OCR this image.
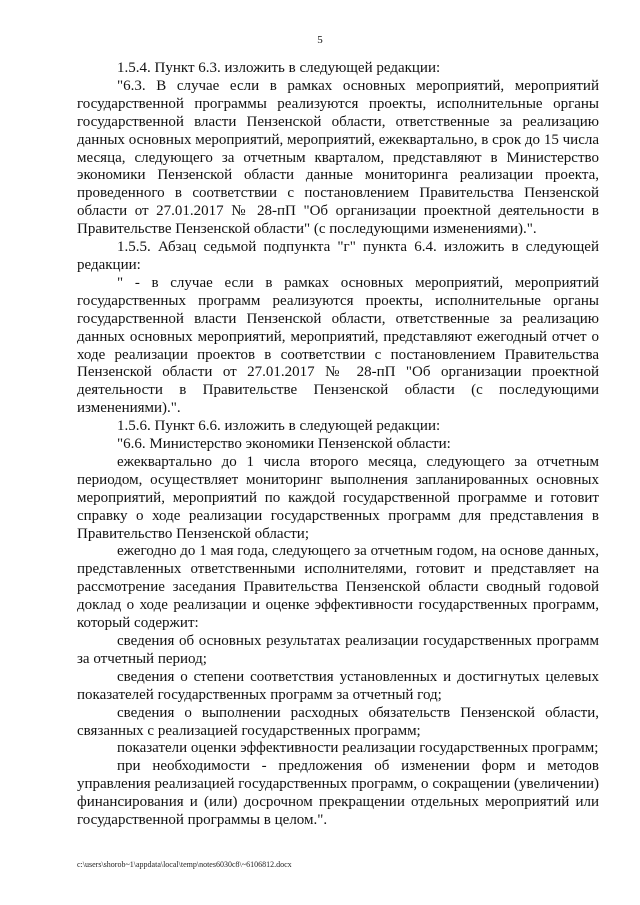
5

1.5.4. Пункт 6.3. изложить в следующей редакции:

"6.3. В случае если в рамках основных мероприятий, мероприятий государственной программы реализуются проекты, исполнительные органы государственной власти Пензенской области, ответственные за реализацию данных основных мероприятий, мероприятий, ежеквартально, в срок до 15 числа месяца, следующего за отчетным кварталом, представляют в Министерство экономики Пензенской области данные мониторинга реализации проекта, проведенного в соответствии с постановлением Правительства Пензенской области от 27.01.2017 № 28-пП "Об организации проектной деятельности в Правительстве Пензенской области" (с последующими изменениями).".

1.5.5. Абзац седьмой подпункта "г" пункта 6.4. изложить в следующей редакции:

" - в случае если в рамках основных мероприятий, мероприятий государственных программ реализуются проекты, исполнительные органы государственной власти Пензенской области, ответственные за реализацию данных основных мероприятий, мероприятий, представляют ежегодный отчет о ходе реализации проектов в соответствии с постановлением Правительства Пензенской области от 27.01.2017 № 28-пП "Об организации проектной деятельности в Правительстве Пензенской области (с последующими изменениями).".

1.5.6. Пункт 6.6. изложить в следующей редакции:

"6.6. Министерство экономики Пензенской области:

ежеквартально до 1 числа второго месяца, следующего за отчетным периодом, осуществляет мониторинг выполнения запланированных основных мероприятий, мероприятий по каждой государственной программе и готовит справку о ходе реализации государственных программ для представления в Правительство Пензенской области;

ежегодно до 1 мая года, следующего за отчетным годом, на основе данных, представленных ответственными исполнителями, готовит и представляет на рассмотрение заседания Правительства Пензенской области сводный годовой доклад о ходе реализации и оценке эффективности государственных программ, который содержит:

сведения об основных результатах реализации государственных программ за отчетный период;

сведения о степени соответствия установленных и достигнутых целевых показателей государственных программ за отчетный год;

сведения о выполнении расходных обязательств Пензенской области, связанных с реализацией государственных программ;

показатели оценки эффективности реализации государственных программ;

при необходимости - предложения об изменении форм и методов управления реализацией государственных программ, о сокращении (увеличении) финансирования и (или) досрочном прекращении отдельных мероприятий или государственной программы в целом.".

c:\users\shorob~1\appdata\local\temp\notes6030c8\~6106812.docx
